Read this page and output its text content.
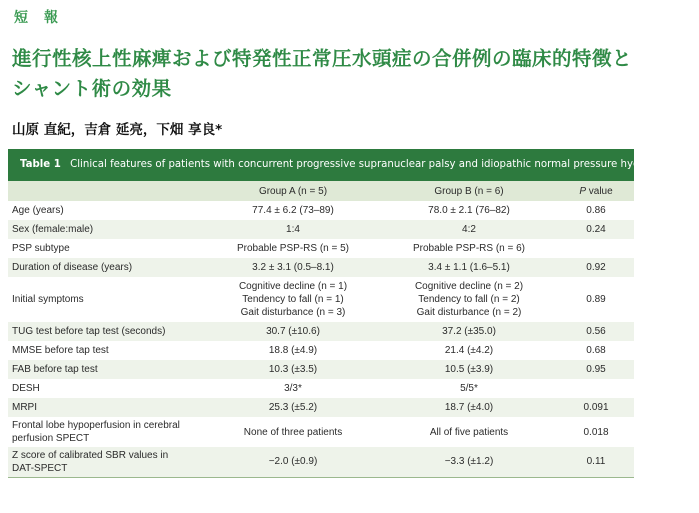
短報
進行性核上性麻痺および特発性正常圧水頭症の合併例の臨床的特徴とシャント術の効果
山原 直紀，吉倉 延亮，下畑 享良*
Table 1 Clinical features of patients with concurrent progressive supranuclear palsy and idiopathic normal pressure hydrocephalus.
	Group A (n = 5)	Group B (n = 6)	P value
Age (years)	77.4 ± 6.2 (73–89)	78.0 ± 2.1 (76–82)	0.86
Sex (female:male)	1:4	4:2	0.24
PSP subtype	Probable PSP-RS (n = 5)	Probable PSP-RS (n = 6)	
Duration of disease (years)	3.2 ± 3.1 (0.5–8.1)	3.4 ± 1.1 (1.6–5.1)	0.92
Initial symptoms	Cognitive decline (n = 1)
Tendency to fall (n = 1)
Gait disturbance (n = 3)	Cognitive decline (n = 2)
Tendency to fall (n = 2)
Gait disturbance (n = 2)	0.89
TUG test before tap test (seconds)	30.7 (±10.6)	37.2 (±35.0)	0.56
MMSE before tap test	18.8 (±4.9)	21.4 (±4.2)	0.68
FAB before tap test	10.3 (±3.5)	10.5 (±3.9)	0.95
DESH	3/3*	5/5*	
MRPI	25.3 (±5.2)	18.7 (±4.0)	0.091
Frontal lobe hypoperfusion in cerebral
perfusion SPECT	None of three patients	All of five patients	0.018
Z score of calibrated SBR values in
DAT-SPECT	−2.0 (±0.9)	−3.3 (±1.2)	0.11
